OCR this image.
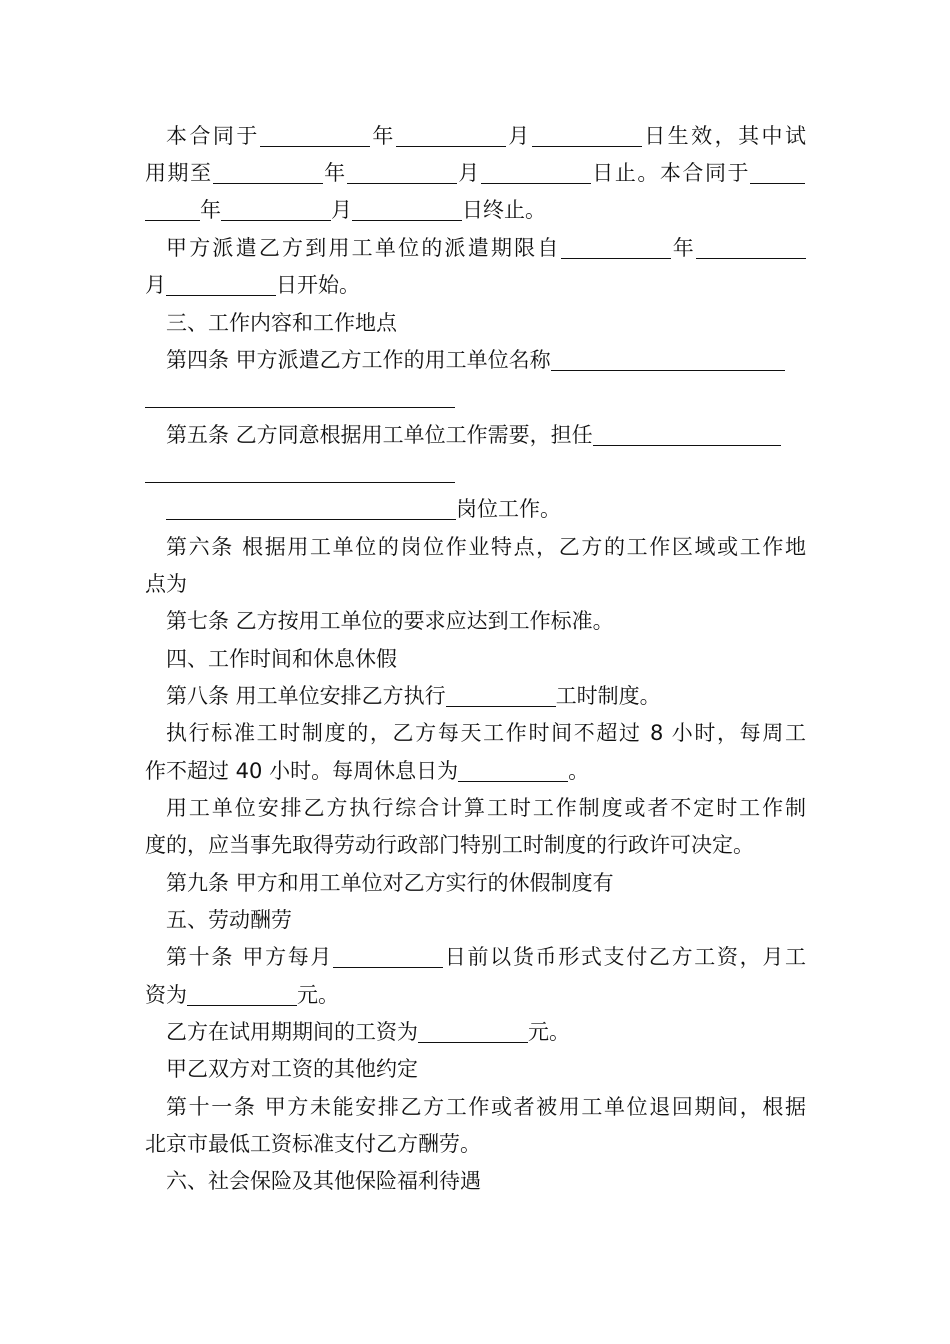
本合同于	年	月	日生效，其中试
用期至	年	月	日止。本合同于
年	月	日终止。
甲方派遣乙方到用工单位的派遣期限自	年
月	日开始。
三、工作内容和工作地点
第四条 甲方派遣乙方工作的用工单位名称
第五条 乙方同意根据用工单位工作需要，担任
岗位工作。
第六条 根据用工单位的岗位作业特点，乙方的工作区域或工作地
点为
第七条 乙方按用工单位的要求应达到工作标准。
四、工作时间和休息休假
第八条 用工单位安排乙方执行	工时制度。
执行标准工时制度的，乙方每天工作时间不超过 8 小时，每周工
作不超过 40 小时。每周休息日为	。
用工单位安排乙方执行综合计算工时工作制度或者不定时工作制
度的，应当事先取得劳动行政部门特别工时制度的行政许可决定。
第九条 甲方和用工单位对乙方实行的休假制度有
五、劳动酬劳
第十条 甲方每月	日前以货币形式支付乙方工资，月工
资为	元。
乙方在试用期期间的工资为	元。
甲乙双方对工资的其他约定
第十一条 甲方未能安排乙方工作或者被用工单位退回期间，根据
北京市最低工资标准支付乙方酬劳。
六、社会保险及其他保险福利待遇
